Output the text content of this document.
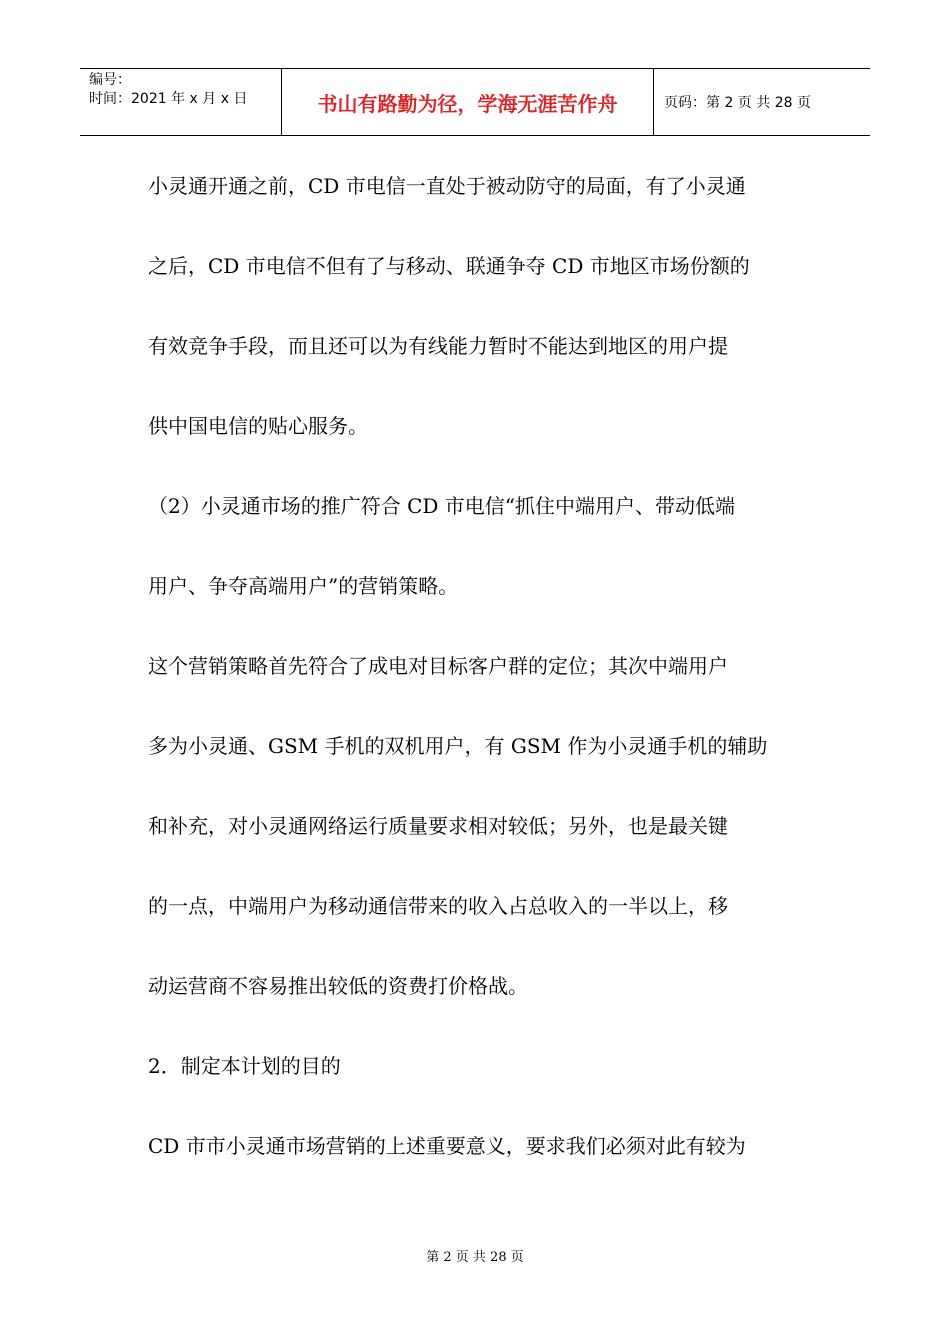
编号：
时间：2021 年 x 月 x 日	书山有路勤为径，学海无涯苦作舟	页码：第 2 页 共 28 页
小灵通开通之前，CD 市电信一直处于被动防守的局面，有了小灵通
之后，CD 市电信不但有了与移动、联通争夺 CD 市地区市场份额的
有效竞争手段，而且还可以为有线能力暂时不能达到地区的用户提
供中国电信的贴心服务。
（2）小灵通市场的推广符合 CD 市电信“抓住中端用户、带动低端
用户、争夺高端用户”的营销策略。
这个营销策略首先符合了成电对目标客户群的定位；其次中端用户
多为小灵通、GSM 手机的双机用户，有 GSM 作为小灵通手机的辅助
和补充，对小灵通网络运行质量要求相对较低；另外，也是最关键
的一点，中端用户为移动通信带来的收入占总收入的一半以上，移
动运营商不容易推出较低的资费打价格战。
2．制定本计划的目的
CD 市市小灵通市场营销的上述重要意义，要求我们必须对此有较为
第 2 页 共 28 页
